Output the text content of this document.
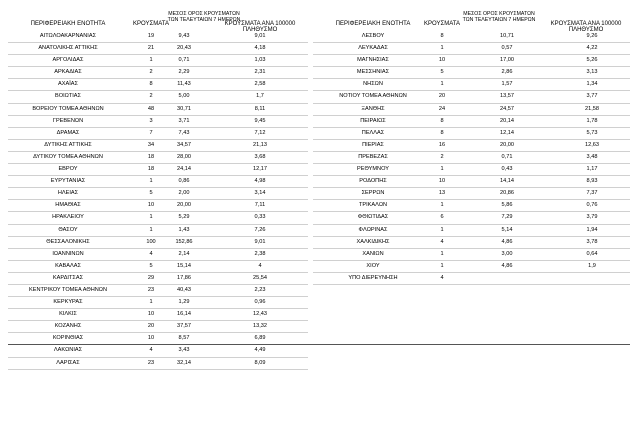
ΠΕΡΙΦΕΡΕΙΑΚΗ ΕΝΟΤΗΤΑ	ΚΡΟΥΣΜΑΤΑ
ΜΕΣΟΣ ΟΡΟΣ ΚΡΟΥΣΜΑΤΩΝ ΤΩΝ ΤΕΛΕΥΤΑΙΩΝ 7 ΗΜΕΡΩΝ
ΚΡΟΥΣΜΑΤΑ ΑΝΑ 100000 ΠΛΗΘΥΣΜΟ
ΠΕΡΙΦΕΡΕΙΑΚΗ ΕΝΟΤΗΤΑ	ΚΡΟΥΣΜΑΤΑ
ΜΕΣΟΣ ΟΡΟΣ ΚΡΟΥΣΜΑΤΩΝ ΤΩΝ ΤΕΛΕΥΤΑΙΩΝ 7 ΗΜΕΡΩΝ
ΚΡΟΥΣΜΑΤΑ ΑΝΑ 100000 ΠΛΗΘΥΣΜΟ
ΑΙΤΩΛΟΑΚΑΡΝΑΝΙΑΣ	19	9,43	9,01
ΑΝΑΤΟΛΙΚΗΣ ΑΤΤΙΚΗΣ	21	20,43	4,18
ΑΡΓΟΛΙΔΑΣ	1	0,71	1,03
ΑΡΚΑΔΙΑΣ	2	2,29	2,31
ΑΧΑΪΑΣ	8	11,43	2,58
ΒΟΙΩΤΙΑΣ	2	5,00	1,7
ΒΟΡΕΙΟΥ ΤΟΜΕΑ ΑΘΗΝΩΝ	48	30,71	8,11
ΓΡΕΒΕΝΩΝ	3	3,71	9,45
ΔΡΑΜΑΣ	7	7,43	7,12
ΔΥΤΙΚΗΣ ΑΤΤΙΚΗΣ	34	34,57	21,13
ΔΥΤΙΚΟΥ ΤΟΜΕΑ ΑΘΗΝΩΝ	18	28,00	3,68
ΕΒΡΟΥ	18	24,14	12,17
ΕΥΡΥΤΑΝΙΑΣ	1	0,86	4,98
ΗΛΕΙΑΣ	5	2,00	3,14
ΗΜΑΘΙΑΣ	10	20,00	7,11
ΗΡΑΚΛΕΙΟΥ	1	5,29	0,33
ΘΑΣΟΥ	1	1,43	7,26
ΘΕΣΣΑΛΟΝΙΚΗΣ	100	152,86	9,01
ΙΩΑΝΝΙΝΩΝ	4	2,14	2,38
ΚΑΒΑΛΑΣ	5	15,14	4
ΚΑΡΔΙΤΣΑΣ	29	17,86	25,54
ΚΕΝΤΡΙΚΟΥ ΤΟΜΕΑ ΑΘΗΝΩΝ	23	40,43	2,23
ΚΕΡΚΥΡΑΣ	1	1,29	0,96
ΚΙΛΚΙΣ	10	16,14	12,43
ΚΟΖΑΝΗΣ	20	37,57	13,32
ΚΟΡΙΝΘΙΑΣ	10	8,57	6,89
ΛΑΚΩΝΙΑΣ	4	3,43	4,49
ΛΑΡΙΣΑΣ	23	32,14	8,09
ΛΕΣΒΟΥ	8	10,71	9,26
ΛΕΥΚΑΔΑΣ	1	0,57	4,22
ΜΑΓΝΗΣΙΑΣ	10	17,00	5,26
ΜΕΣΣΗΝΙΑΣ	5	2,86	3,13
ΝΗΣΩΝ	1	1,57	1,34
ΝΟΤΙΟΥ ΤΟΜΕΑ ΑΘΗΝΩΝ	20	13,57	3,77
ΞΑΝΘΗΣ	24	24,57	21,58
ΠΕΙΡΑΙΩΣ	8	20,14	1,78
ΠΕΛΛΑΣ	8	12,14	5,73
ΠΙΕΡΙΑΣ	16	20,00	12,63
ΠΡΕΒΕΖΑΣ	2	0,71	3,48
ΡΕΘΥΜΝΟΥ	1	0,43	1,17
ΡΟΔΟΠΗΣ	10	14,14	8,93
ΣΕΡΡΩΝ	13	20,86	7,37
ΤΡΙΚΑΛΩΝ	1	5,86	0,76
ΦΘΙΩΤΙΔΑΣ	6	7,29	3,79
ΦΛΩΡΙΝΑΣ	1	5,14	1,94
ΧΑΛΚΙΔΙΚΗΣ	4	4,86	3,78
ΧΑΝΙΩΝ	1	3,00	0,64
ΧΙΟΥ	1	4,86	1,9
ΥΠΟ ΔΙΕΡΕΥΝΗΣΗ	4
